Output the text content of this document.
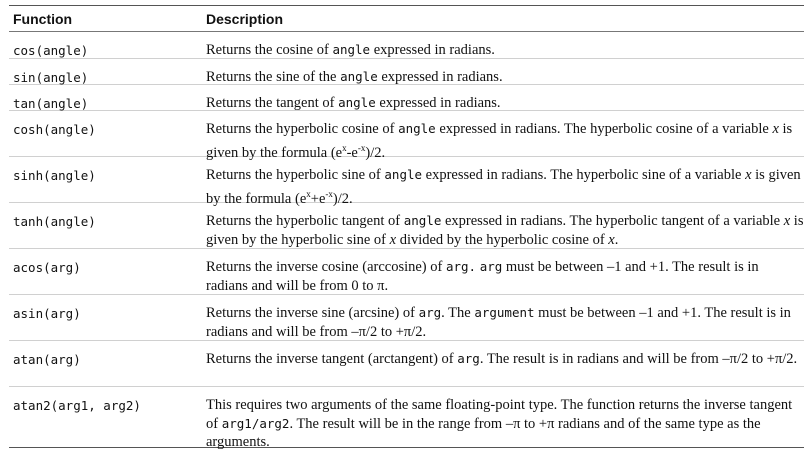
Function	Description
cos(angle)	Returns the cosine of angle expressed in radians.
sin(angle)	Returns the sine of the angle expressed in radians.
tan(angle)	Returns the tangent of angle expressed in radians.
cosh(angle)	Returns the hyperbolic cosine of angle expressed in radians. The hyperbolic cosine of a variable x is given by the formula $(e^x-e^{-x})/2$.
sinh(angle)	Returns the hyperbolic sine of angle expressed in radians. The hyperbolic sine of a variable x is given by the formula $(e^x+e^{-x})/2$.
tanh(angle)	Returns the hyperbolic tangent of angle expressed in radians. The hyperbolic tangent of a variable x is given by the hyperbolic sine of x divided by the hyperbolic cosine of x.
acos(arg)	Returns the inverse cosine (arccosine) of arg. arg must be between –1 and +1. The result is in radians and will be from 0 to π.
asin(arg)	Returns the inverse sine (arcsine) of arg. The argument must be between –1 and +1. The result is in radians and will be from –π/2 to +π/2.
atan(arg)	Returns the inverse tangent (arctangent) of arg. The result is in radians and will be from –π/2 to +π/2.
atan2(arg1, arg2)	This requires two arguments of the same floating-point type. The function returns the inverse tangent of arg1/arg2. The result will be in the range from –π to +π radians and of the same type as the arguments.
